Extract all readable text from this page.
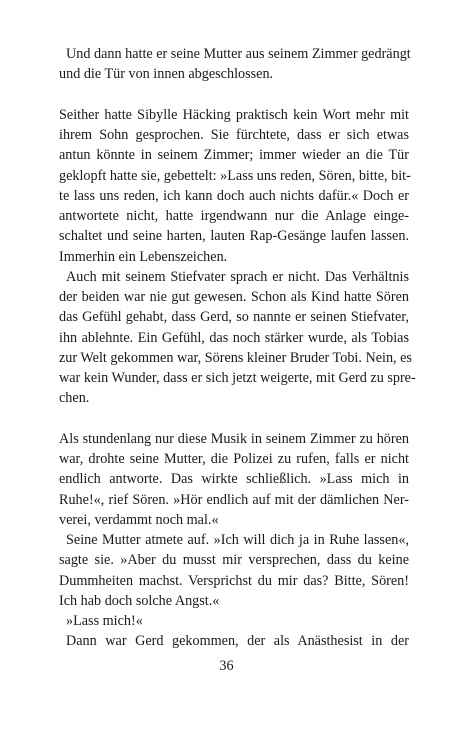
Und dann hatte er seine Mutter aus seinem Zimmer gedrängt
und die Tür von innen abgeschlossen.
Seither hatte Sibylle Häcking praktisch kein Wort mehr mit
ihrem Sohn gesprochen. Sie fürchtete, dass er sich etwas
antun könnte in seinem Zimmer; immer wieder an die Tür
geklopft hatte sie, gebettelt: »Lass uns reden, Sören, bitte, bit-
te lass uns reden, ich kann doch auch nichts dafür.« Doch er
antwortete nicht, hatte irgendwann nur die Anlage einge-
schaltet und seine harten, lauten Rap-Gesänge laufen lassen.
Immerhin ein Lebenszeichen.
Auch mit seinem Stiefvater sprach er nicht. Das Verhältnis
der beiden war nie gut gewesen. Schon als Kind hatte Sören
das Gefühl gehabt, dass Gerd, so nannte er seinen Stiefvater,
ihn ablehnte. Ein Gefühl, das noch stärker wurde, als Tobias
zur Welt gekommen war, Sörens kleiner Bruder Tobi. Nein, es
war kein Wunder, dass er sich jetzt weigerte, mit Gerd zu spre-
chen.
Als stundenlang nur diese Musik in seinem Zimmer zu hören
war, drohte seine Mutter, die Polizei zu rufen, falls er nicht
endlich antworte. Das wirkte schließlich. »Lass mich in
Ruhe!«, rief Sören. »Hör endlich auf mit der dämlichen Ner-
verei, verdammt noch mal.«
Seine Mutter atmete auf. »Ich will dich ja in Ruhe lassen«,
sagte sie. »Aber du musst mir versprechen, dass du keine
Dummheiten machst. Versprichst du mir das? Bitte, Sören!
Ich hab doch solche Angst.«
»Lass mich!«
Dann war Gerd gekommen, der als Anästhesist in der
36
